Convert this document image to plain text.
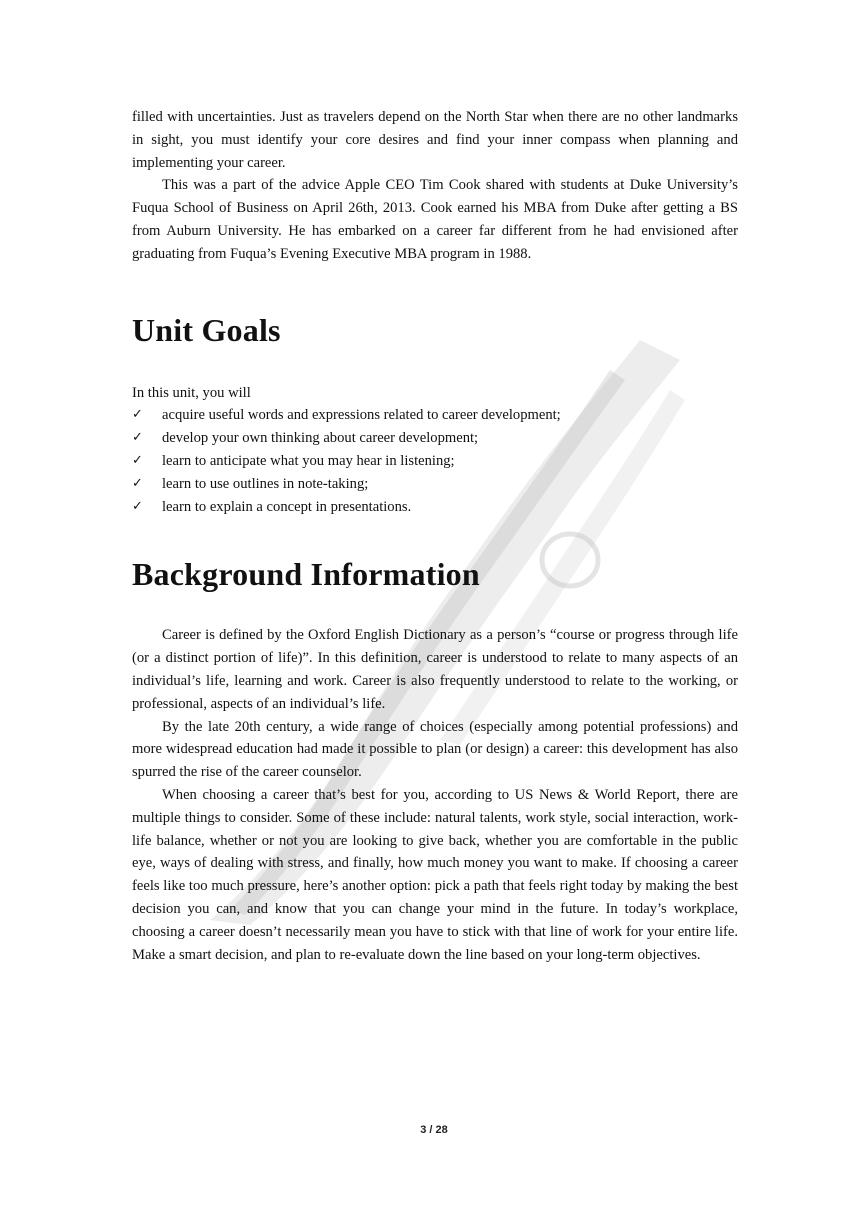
filled with uncertainties. Just as travelers depend on the North Star when there are no other landmarks in sight, you must identify your core desires and find your inner compass when planning and implementing your career.

This was a part of the advice Apple CEO Tim Cook shared with students at Duke University’s Fuqua School of Business on April 26th, 2013. Cook earned his MBA from Duke after getting a BS from Auburn University. He has embarked on a career far different from he had envisioned after graduating from Fuqua’s Evening Executive MBA program in 1988.

Unit Goals

In this unit, you will

✓ acquire useful words and expressions related to career development;
✓ develop your own thinking about career development;
✓ learn to anticipate what you may hear in listening;
✓ learn to use outlines in note-taking;
✓ learn to explain a concept in presentations.
Background Information

Career is defined by the Oxford English Dictionary as a person’s “course or progress through life (or a distinct portion of life)”. In this definition, career is understood to relate to many aspects of an individual’s life, learning and work. Career is also frequently understood to relate to the working, or professional, aspects of an individual’s life.

By the late 20th century, a wide range of choices (especially among potential professions) and more widespread education had made it possible to plan (or design) a career: this development has also spurred the rise of the career counselor.

When choosing a career that’s best for you, according to US News & World Report, there are multiple things to consider. Some of these include: natural talents, work style, social interaction, work-life balance, whether or not you are looking to give back, whether you are comfortable in the public eye, ways of dealing with stress, and finally, how much money you want to make. If choosing a career feels like too much pressure, here’s another option: pick a path that feels right today by making the best decision you can, and know that you can change your mind in the future. In today’s workplace, choosing a career doesn’t necessarily mean you have to stick with that line of work for your entire life. Make a smart decision, and plan to re-evaluate down the line based on your long-term objectives.

3 / 28
